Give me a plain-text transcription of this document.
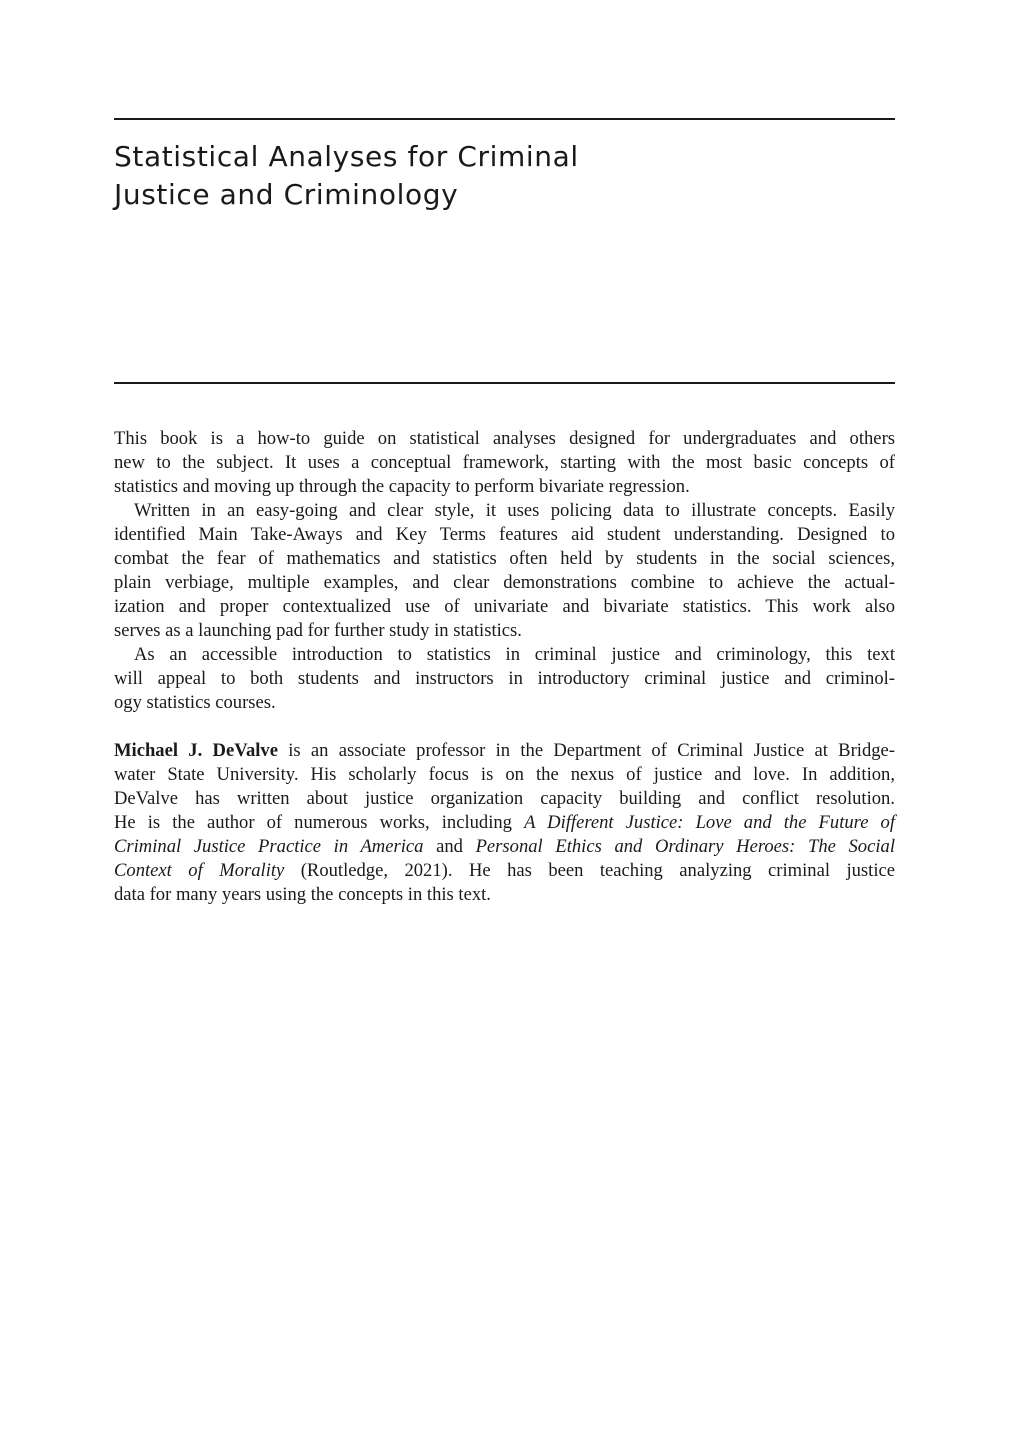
Statistical Analyses for Criminal
Justice and Criminology
This book is a how-to guide on statistical analyses designed for undergraduates and others
new to the subject. It uses a conceptual framework, starting with the most basic concepts of
statistics and moving up through the capacity to perform bivariate regression.
Written in an easy-going and clear style, it uses policing data to illustrate concepts. Easily
identified Main Take-Aways and Key Terms features aid student understanding. Designed to
combat the fear of mathematics and statistics often held by students in the social sciences,
plain verbiage, multiple examples, and clear demonstrations combine to achieve the actual-
ization and proper contextualized use of univariate and bivariate statistics. This work also
serves as a launching pad for further study in statistics.
As an accessible introduction to statistics in criminal justice and criminology, this text
will appeal to both students and instructors in introductory criminal justice and criminol-
ogy statistics courses.
Michael J. DeValve is an associate professor in the Department of Criminal Justice at Bridge-
water State University. His scholarly focus is on the nexus of justice and love. In addition,
DeValve has written about justice organization capacity building and conflict resolution.
He is the author of numerous works, including A Different Justice: Love and the Future of
Criminal Justice Practice in America and Personal Ethics and Ordinary Heroes: The Social
Context of Morality (Routledge, 2021). He has been teaching analyzing criminal justice
data for many years using the concepts in this text.
